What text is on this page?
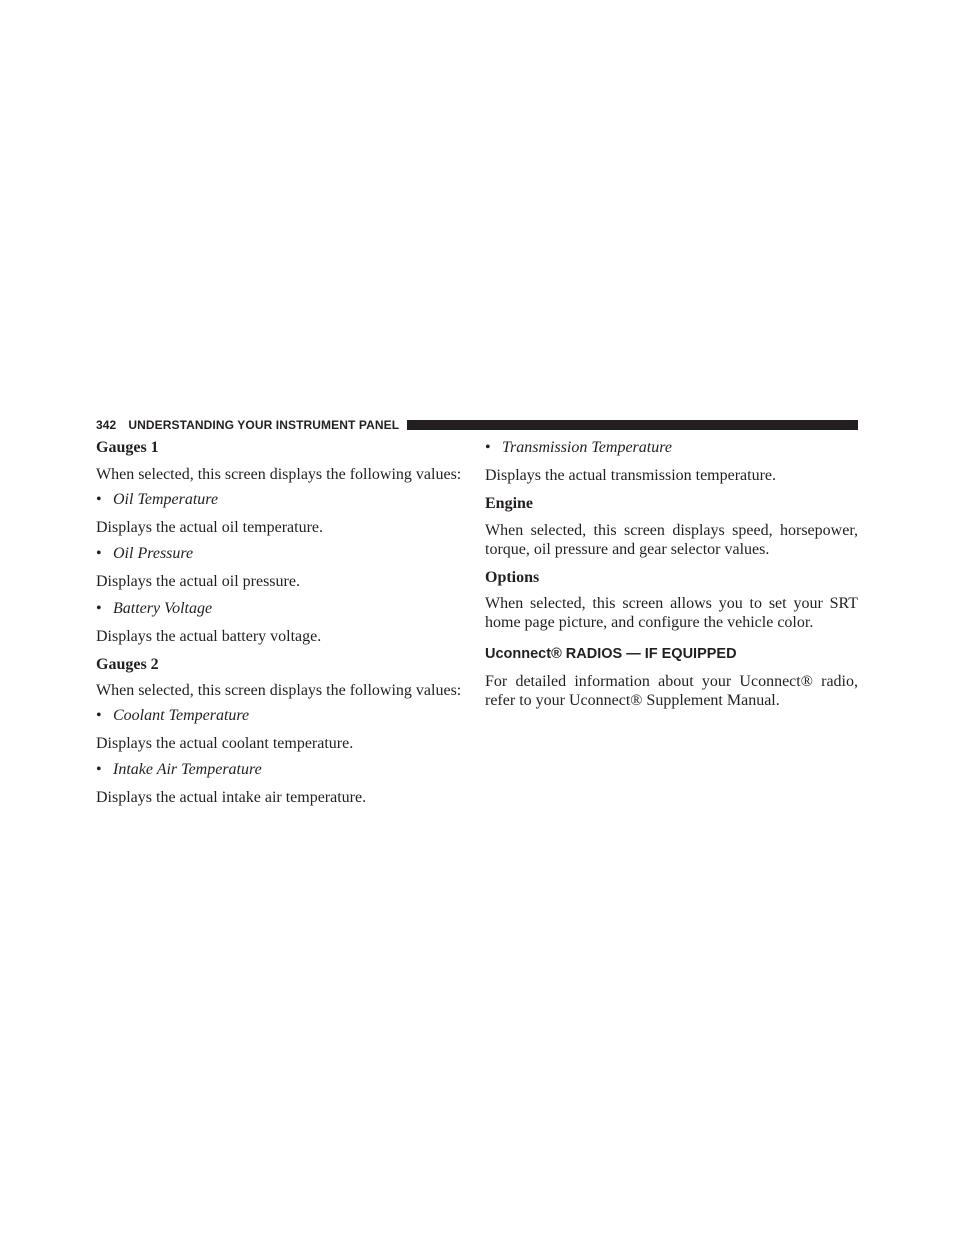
342 UNDERSTANDING YOUR INSTRUMENT PANEL

Gauges 1

When selected, this screen displays the following values:

• Oil Temperature

Displays the actual oil temperature.

• Oil Pressure

Displays the actual oil pressure.

• Battery Voltage

Displays the actual battery voltage.

Gauges 2

When selected, this screen displays the following values:

• Coolant Temperature

Displays the actual coolant temperature.

• Intake Air Temperature

Displays the actual intake air temperature.

• Transmission Temperature

Displays the actual transmission temperature.

Engine

When selected, this screen displays speed, horsepower, torque, oil pressure and gear selector values.

Options

When selected, this screen allows you to set your SRT home page picture, and configure the vehicle color.

Uconnect® RADIOS — IF EQUIPPED

For detailed information about your Uconnect® radio, refer to your Uconnect® Supplement Manual.
